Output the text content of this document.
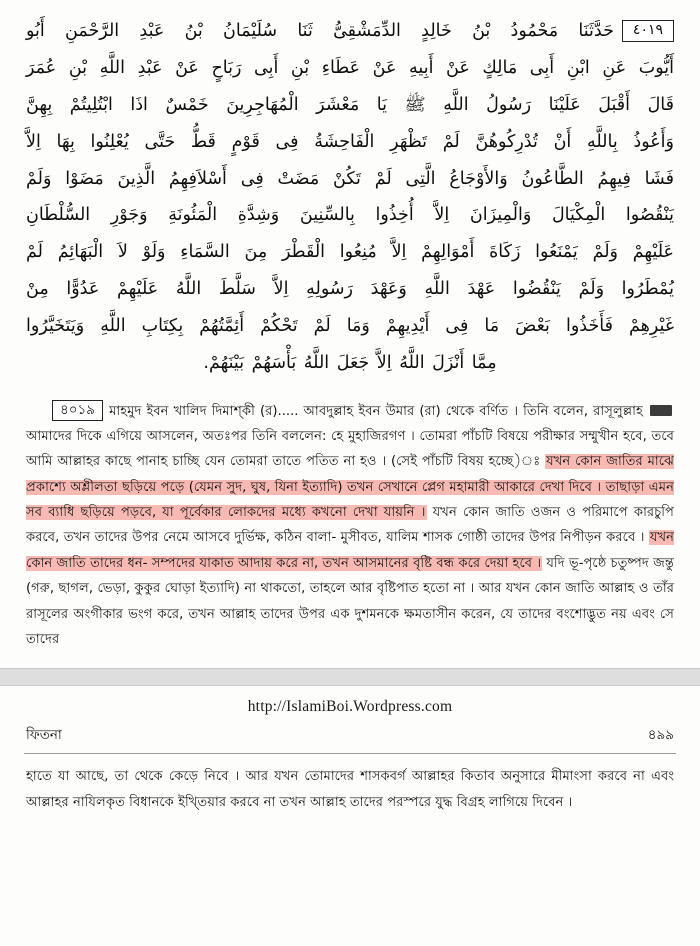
٤٠١٩حَدَّثَنَا مَحْمُودُ بْنُ خَالِدٍ الدِّمَشْقِىُّ ثَنَا سُلَيْمَانُ بْنُ عَبْدِ الرَّحْمَنِ أَبُو
أَيُّوبَ عَنِ ابْنِ أَبِى مَالِكٍ عَنْ أَبِيهِ عَنْ عَطَاءِ بْنِ أَبِى رَبَاحٍ عَنْ عَبْدِ اللَّهِ بْنِ عُمَرَ
قَالَ أَقْبَلَ عَلَيْنَا رَسُولُ اللَّهِ ﷺ يَا مَعْشَرَ الْمُهَاجِرِينَ خَمْسٌ اذَا ابْتُلِيتُمْ بِهِنَّ
وَأَعُوذُ بِاللَّهِ أَنْ تُدْرِكُوهُنَّ لَمْ تَظْهَرِ الْفَاحِشَةُ فِى قَوْمٍ قَطُّ حَتَّى يُعْلِنُوا بِهَا اِلاَّ
فَشَا فِيهِمُ الطَّاعُونُ وَالأَوْجَاعُ الَّتِى لَمْ تَكُنْ مَضَتْ فِى أَسْلاَفِهِمُ الَّذِينَ مَضَوْا وَلَمْ
يَنْقُصُوا الْمِكْيَالَ وَالْمِيزَانَ اِلاَّ أُخِذُوا بِالسِّنِينَ وَشِدَّةِ الْمَئُونَةِ وَجَوْرِ السُّلْطَانِ
عَلَيْهِمْ وَلَمْ يَمْنَعُوا زَكَاةَ أَمْوَالِهِمْ اِلاَّ مُنِعُوا الْقَطْرَ مِنَ السَّمَاءِ وَلَوْ لاَ الْبَهَائِمُ لَمْ
يُمْطَرُوا وَلَمْ يَنْقُضُوا عَهْدَ اللَّهِ وَعَهْدَ رَسُولِهِ اِلاَّ سَلَّطَ اللَّهُ عَلَيْهِمْ عَدُوًّا مِنْ
غَيْرِهِمْ فَأَخَذُوا بَعْضَ مَا فِى أَيْدِيهِمْ وَمَا لَمْ تَحْكُمْ أَئِمَّتُهُمْ بِكِتَابِ اللَّهِ وَيَتَخَيَّرُوا
مِمَّا أَنْزَلَ اللَّهُ اِلاَّ جَعَلَ اللَّهُ بَأْسَهُمْ بَيْنَهُمْ.

৪০১৯ মাহমুদ ইবন খালিদ দিমাশ্কী (র)..... আবদুল্লাহ ইবন উমার (রা) থেকে বর্ণিত । তিনি বলেন, রাসূলুল্লাহ  আমাদের দিকে এগিয়ে আসলেন, অতঃপর তিনি বললেন: হে মুহাজিরগণ । তোমরা পাঁচটি বিষয়ে পরীক্ষার সম্মুখীন হবে, তবে আমি আল্লাহর কাছে পানাহ চাচ্ছি যেন তোমরা তাতে পতিত না হও । (সেই পাঁচটি বিষয় হচ্ছে)ঃ যখন কোন জাতির মাঝে প্রকাশ্যে অশ্লীলতা ছড়িয়ে পড়ে (যেমন সুদ, ঘুষ, যিনা ইত্যাদি) তখন সেখানে প্লেগ মহামারী আকারে দেখা দিবে । তাছাড়া এমন সব ব্যাধি ছড়িয়ে পড়বে, যা পূর্বেকার লোকদের মধ্যে কখনো দেখা যায়নি । যখন কোন জাতি ওজন ও পরিমাপে কারচুপি করবে, তখন তাদের উপর নেমে আসবে দুর্ভিক্ষ, কঠিন বালা- মুসীবত, যালিম শাসক গোষ্ঠী তাদের উপর নিপীড়ন করবে । যখন কোন জাতি তাদের ধন- সম্পদের যাকাত আদায় করে না, তখন আসমানের বৃষ্টি বন্ধ করে দেয়া হবে । যদি ভূ-পৃষ্ঠে চতুষ্পদ জন্তু (গরু, ছাগল, ভেড়া, কুকুর ঘোড়া ইত্যাদি) না থাকতো, তাহলে আর বৃষ্টিপাত হতো না । আর যখন কোন জাতি আল্লাহ ও তাঁর রাসূলের অংগীকার ভংগ করে, তখন আল্লাহ তাদের উপর এক দুশমনকে ক্ষমতাসীন করেন, যে তাদের বংশোদ্ভুত নয় এবং সে তাদের

http://IslamiBoi.Wordpress.com
ফিতনা	৪৯৯

হাতে যা আছে, তা থেকে কেড়ে নিবে । আর যখন তোমাদের শাসকবর্গ আল্লাহর কিতাব অনুসারে মীমাংসা করবে না এবং আল্লাহর নাযিলকৃত বিধানকে ইখ্তিয়ার করবে না তখন আল্লাহ তাদের পরস্পরে যুদ্ধ বিগ্রহ লাগিয়ে দিবেন ।
